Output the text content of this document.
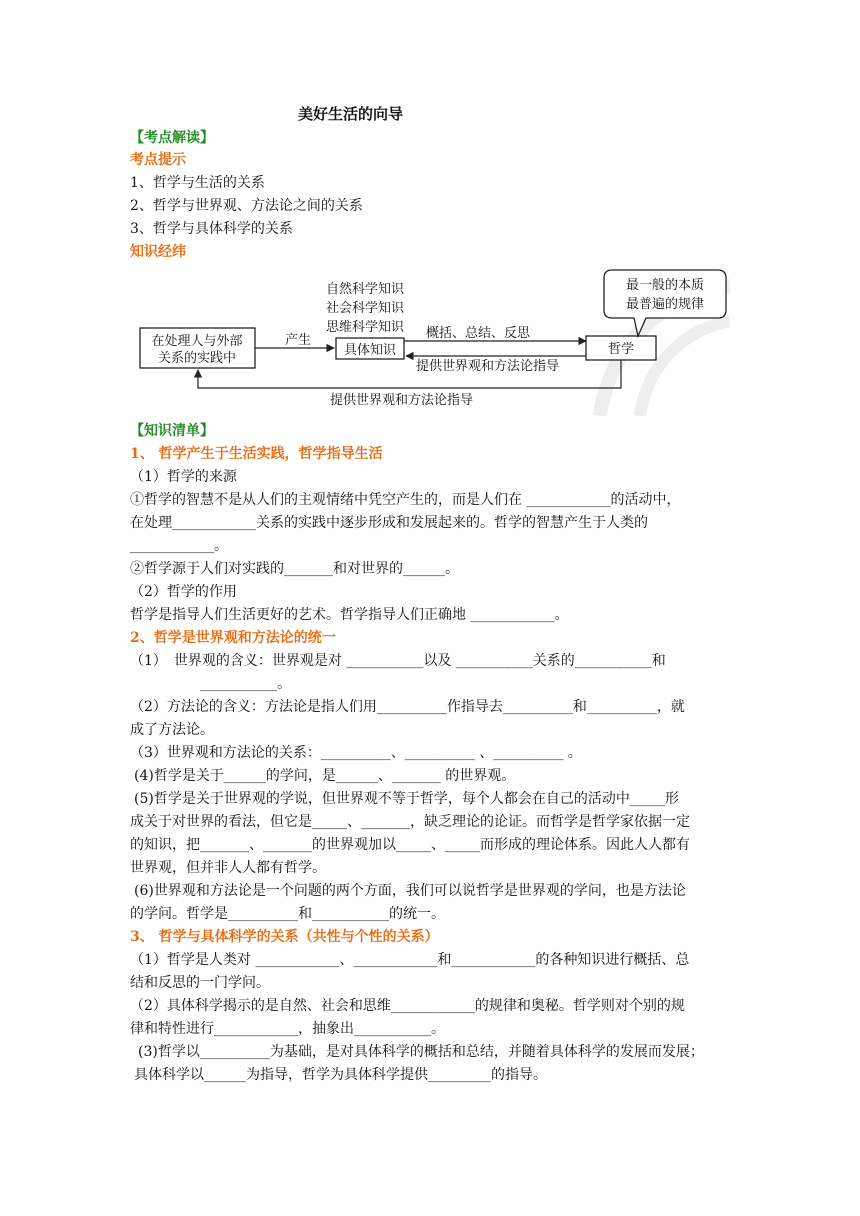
美好生活的向导
【考点解读】
考点提示
1、哲学与生活的关系
2、哲学与世界观、方法论之间的关系
3、哲学与具体科学的关系
知识经纬
在处理人与外部
关系的实践中
产生
自然科学知识
社会科学知识
思维科学知识
具体知识
概括、总结、反思
提供世界观和方法论指导
哲学
最一般的本质
最普遍的规律
提供世界观和方法论指导
【知识清单】
1、 哲学产生于生活实践，哲学指导生活
（1）哲学的来源
①哲学的智慧不是从人们的主观情绪中凭空产生的，而是人们在 ____________的活动中，
在处理____________关系的实践中逐步形成和发展起来的。哲学的智慧产生于人类的
____________。
②哲学源于人们对实践的_______和对世界的______。
（2）哲学的作用
哲学是指导人们生活更好的艺术。哲学指导人们正确地 ____________。
2、哲学是世界观和方法论的统一
（1）　世界观的含义：世界观是对 ___________以及 ___________关系的___________和
___________。
（2）方法论的含义：方法论是指人们用__________作指导去__________和__________，就
成了方法论。
（3）世界观和方法论的关系：__________、__________ 、__________ 。
(4)哲学是关于______的学问，是______、_______ 的世界观。
(5)哲学是关于世界观的学说，但世界观不等于哲学，每个人都会在自己的活动中_____形
成关于对世界的看法，但它是_____、_______，缺乏理论的论证。而哲学是哲学家依据一定
的知识，把_______、_______的世界观加以_____、_____而形成的理论体系。因此人人都有
世界观，但并非人人都有哲学。
(6)世界观和方法论是一个问题的两个方面，我们可以说哲学是世界观的学问，也是方法论
的学问。哲学是__________和___________的统一。
3、 哲学与具体科学的关系（共性与个性的关系）
（1）哲学是人类对 ____________、____________和____________的各种知识进行概括、总
结和反思的一门学问。
（2）具体科学揭示的是自然、社会和思维____________的规律和奥秘。哲学则对个别的规
律和特性进行____________，抽象出___________。
(3)哲学以__________为基础，是对具体科学的概括和总结，并随着具体科学的发展而发展；
具体科学以______为指导，哲学为具体科学提供_________的指导。
